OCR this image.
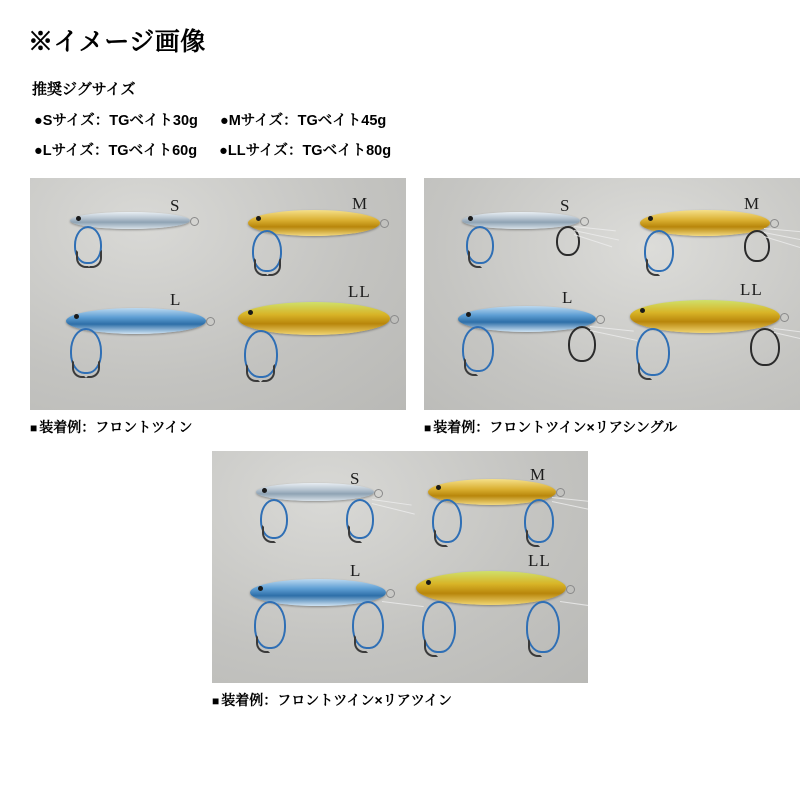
※イメージ画像
推奨ジグサイズ
●Sサイズ：TGベイト30g ●Mサイズ：TGベイト45g
●Lサイズ：TGベイト60g ●LLサイズ：TGベイト80g
S	M
L	LL
■ 装着例：フロントツイン
S	M
L	LL
■ 装着例：フロントツイン×リアシングル
S	M
L
LL
■ 装着例：フロントツイン×リアツイン
